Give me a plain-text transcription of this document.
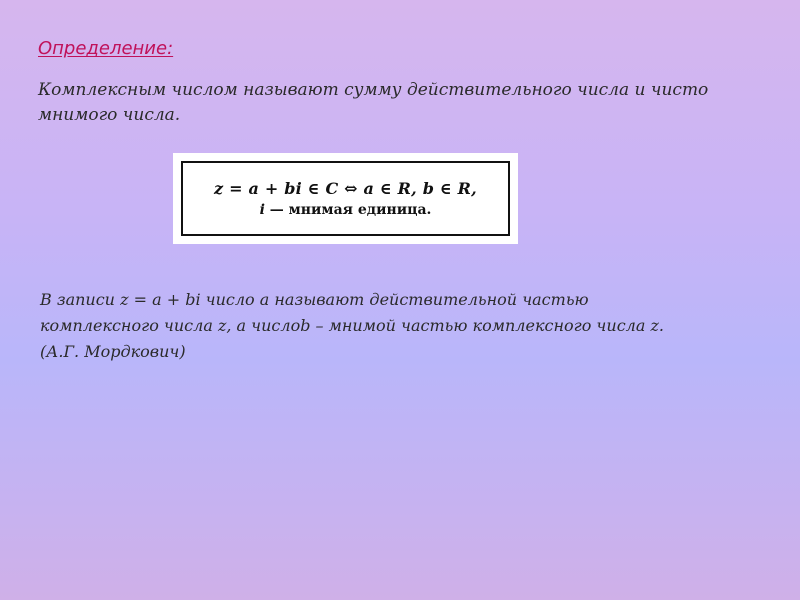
Определение:

Комплексным числом называют сумму действительного числа и чисто мнимого числа.

z = a + bi ∈ C ⇔ a ∈ R, b ∈ R,
i — мнимая единица.

В записи z = a + bi число a называют действительной частью комплексного числа z, a числоb – мнимой частью комплексного числа z. (А.Г. Мордкович)
